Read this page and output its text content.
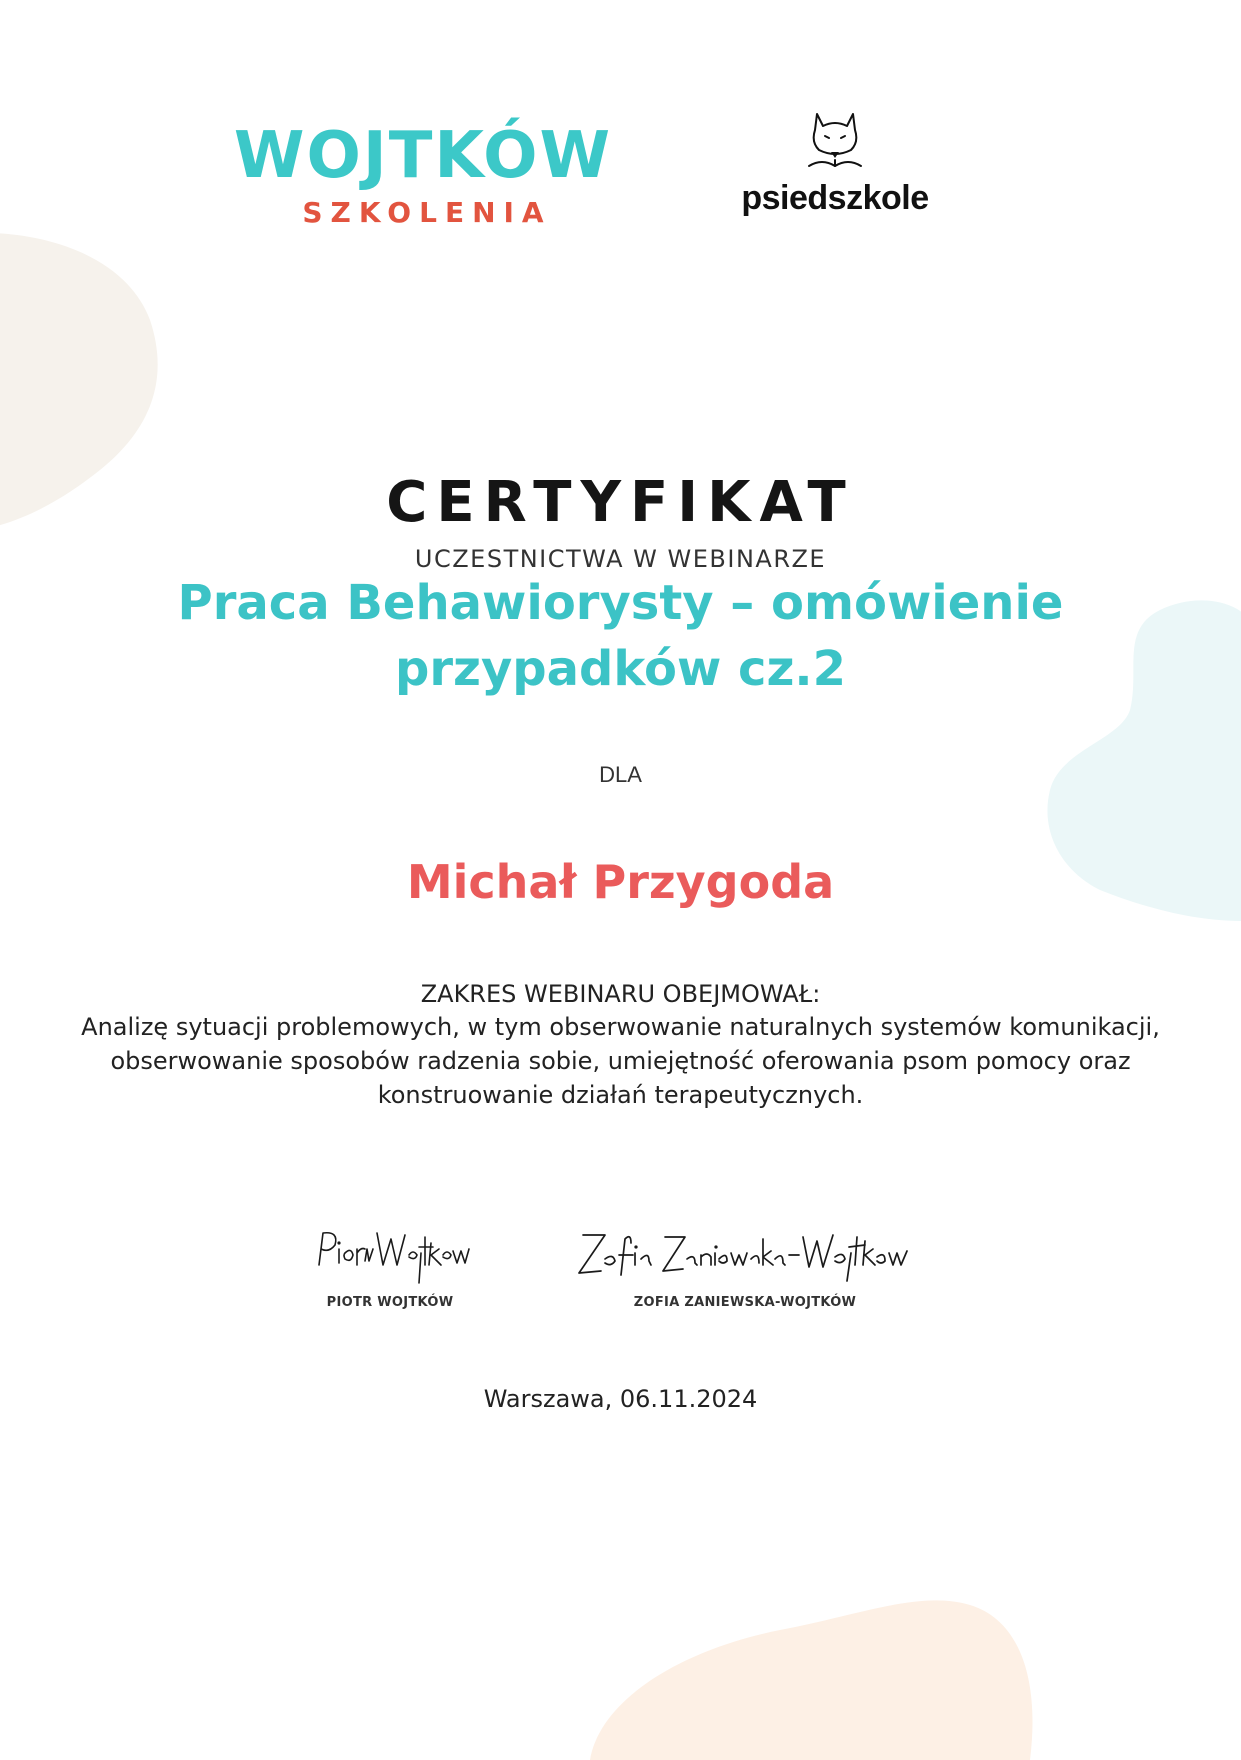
WOJTKÓW
SZKOLENIA	psiedszkole
CERTYFIKAT
UCZESTNICTWA W WEBINARZE
Praca Behawiorysty – omówienie
przypadków cz.2
DLA
Michał Przygoda
ZAKRES WEBINARU OBEJMOWAŁ:
Analizę sytuacji problemowych, w tym obserwowanie naturalnych systemów komunikacji, obserwowanie sposobów radzenia sobie, umiejętność oferowania psom pomocy oraz konstruowanie działań terapeutycznych.
PIOTR WOJTKÓW	ZOFIA ZANIEWSKA-WOJTKÓW
Warszawa, 06.11.2024
